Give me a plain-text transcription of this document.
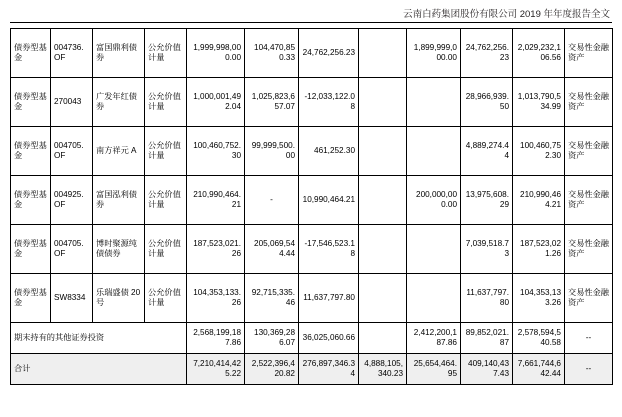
云南白药集团股份有限公司 2019 年年度报告全文
债券型基金	004736.OF	富国鼎利债券	公允价值计量	1,999,998,000.00	104,470,850.33	24,762,256.23		1,899,999,000.00	24,762,256.23	2,029,232,106.56	交易性金融资产	
债券型基金	270043	广发年红债券	公允价值计量	1,000,001,492.04	1,025,823,657.07	-12,033,122.08			28,966,939.50	1,013,790,534.99	交易性金融资产	
债券型基金	004705.OF	南方祥元 A	公允价值计量	100,460,752.30	99,999,500.00	461,252.30			4,889,274.44	100,460,752.30	交易性金融资产	
债券型基金	004925.OF	富国泓利债券	公允价值计量	210,990,464.21	-	10,990,464.21		200,000,000.00	13,975,608.29	210,990,464.21	交易性金融资产	
债券型基金	004705.OF	博时聚源纯债债券	公允价值计量	187,523,021.26	205,069,544.44	-17,546,523.18			7,039,518.73	187,523,021.26	交易性金融资产	
债券型基金	SW8334	乐瑞盛债 20 号	公允价值计量	104,353,133.26	92,715,335.46	11,637,797.80			11,637,797.80	104,353,133.26	交易性金融资产	
期末持有的其他证券投资				2,568,199,187.86	130,369,286.07	36,025,060.66		2,412,200,187.86	89,852,021.87	2,578,594,540.58	--	
合计				7,210,414,425.22	2,522,396,420.82	276,897,346.34	4,888,105,340.23	25,654,464.95	409,140,437.43	7,661,744,642.44	--	
